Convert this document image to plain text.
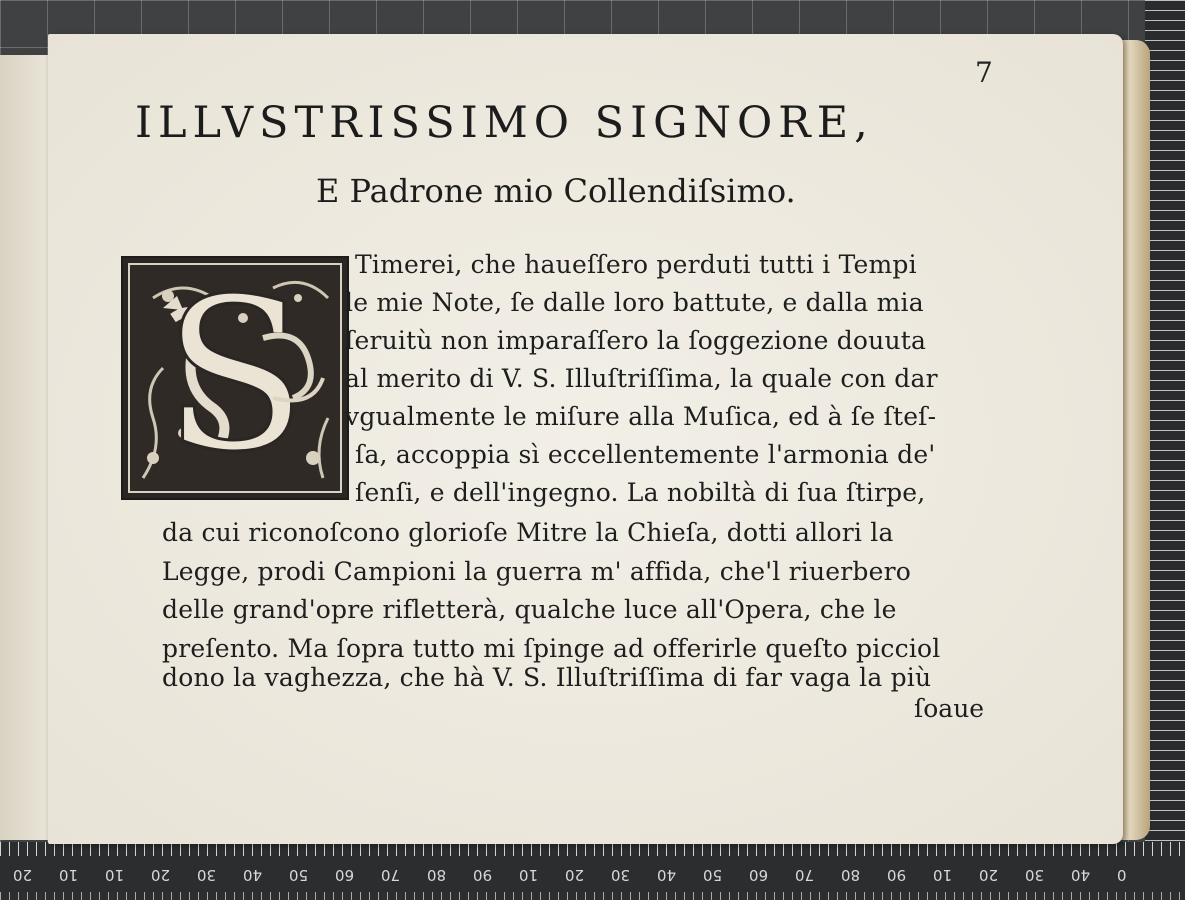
20 10 10 20 30 40 50 60 70 80 90 10 20 30 40 50 60 70 80 90 10 20 30 40 0
7
ILLVSTRISSIMO SIGNORE,
E Padrone mio Collendiſsimo.
S Timerei, che haueſſero perduti tutti i Tempi
le mie Note, ſe dalle loro battute, e dalla mia
ſeruitù non imparaſſero la ſoggezione douuta
al merito di V. S. Illuſtriſſima, la quale con dar
vgualmente le miſure alla Muſica, ed à ſe ſteſ-
ſa, accoppia sì eccellentemente l'armonia de'
ſenſi, e dell'ingegno. La nobiltà di ſua ſtirpe,
da cui riconoſcono glorioſe Mitre la Chieſa, dotti allori la
Legge, prodi Campioni la guerra m' affida, che'l riuerbero
delle grand'opre rifletterà, qualche luce all'Opera, che le
preſento. Ma ſopra tutto mi ſpinge ad offerirle queſto picciol
dono la vaghezza, che hà V. S. Illuſtriſſima di far vaga la più
ſoaue
